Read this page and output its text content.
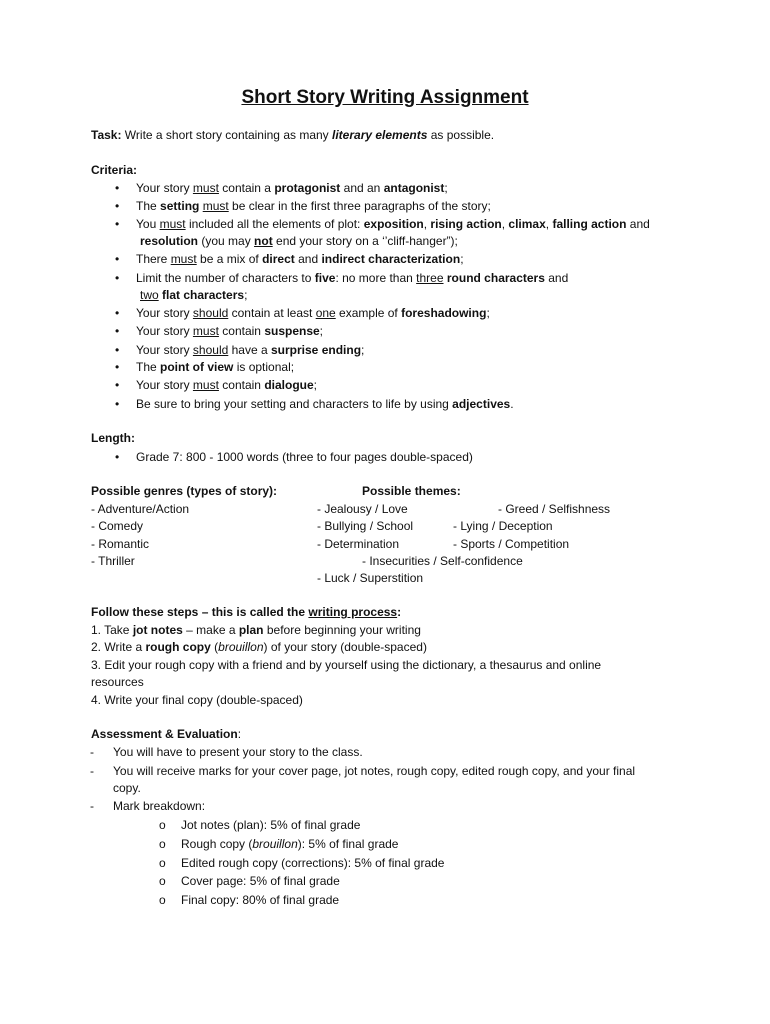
Short Story Writing Assignment
Task: Write a short story containing as many literary elements as possible.
Criteria:
• Your story must contain a protagonist and an antagonist;
• The setting must be clear in the first three paragraphs of the story;
• You must included all the elements of plot: exposition, rising action, climax, falling action and
resolution (you may not end your story on a ‘’cliff-hanger”);
• There must be a mix of direct and indirect characterization;
• Limit the number of characters to five: no more than three round characters and
two flat characters;
• Your story should contain at least one example of foreshadowing;
• Your story must contain suspense;
• Your story should have a surprise ending;
• The point of view is optional;
• Your story must contain dialogue;
• Be sure to bring your setting and characters to life by using adjectives.
Length:
• Grade 7: 800 - 1000 words (three to four pages double-spaced)
Possible genres (types of story):
- Adventure/Action
- Comedy
- Romantic
- Thriller
Possible themes:
- Jealousy / Love	- Greed / Selfishness
- Bullying / School	- Lying / Deception
- Determination	- Sports / Competition
- Insecurities / Self-confidence
- Luck / Superstition
Follow these steps – this is called the writing process:
1. Take jot notes – make a plan before beginning your writing
2. Write a rough copy (brouillon) of your story (double-spaced)
3. Edit your rough copy with a friend and by yourself using the dictionary, a thesaurus and online
resources
4. Write your final copy (double-spaced)
Assessment & Evaluation:
- You will have to present your story to the class.
- You will receive marks for your cover page, jot notes, rough copy, edited rough copy, and your final
copy.
- Mark breakdown:
o Jot notes (plan): 5% of final grade
o Rough copy (brouillon): 5% of final grade
o Edited rough copy (corrections): 5% of final grade
o Cover page: 5% of final grade
o Final copy: 80% of final grade
